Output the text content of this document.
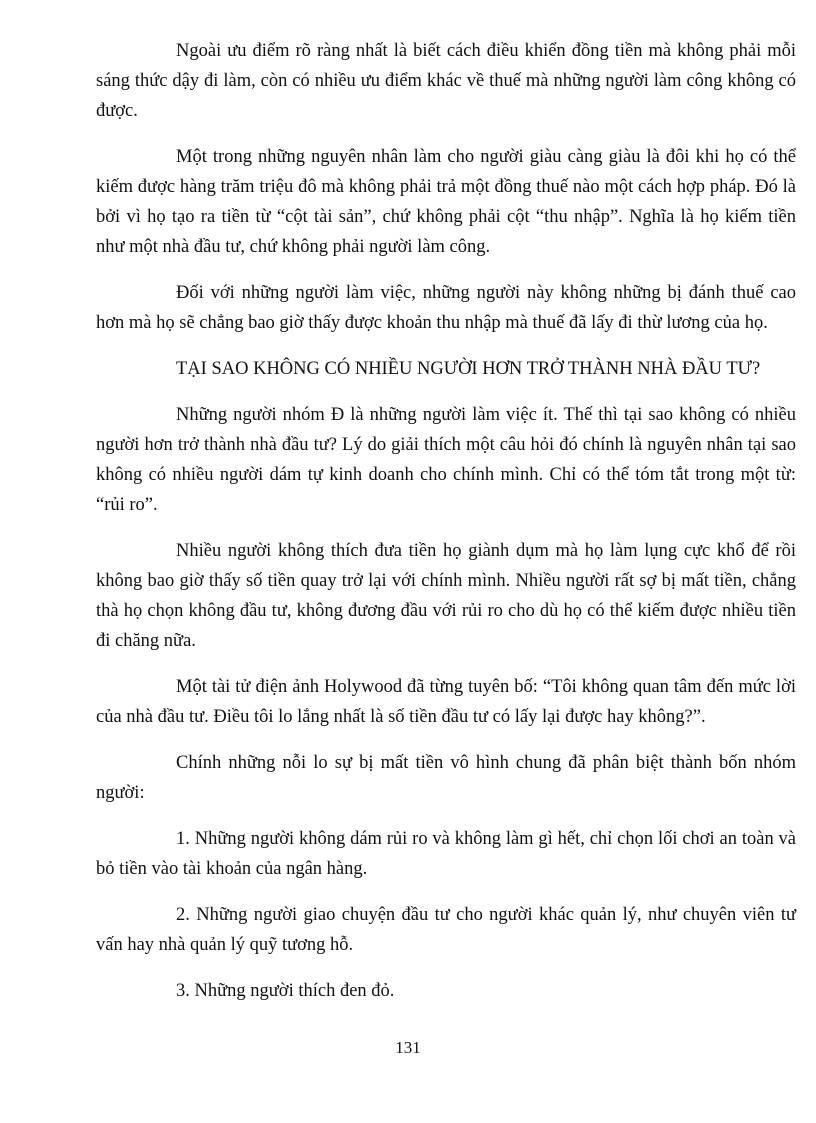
Ngoài ưu điểm rõ ràng nhất là biết cách điều khiển đồng tiền mà không phải mỗi sáng thức dậy đi làm, còn có nhiều ưu điểm khác về thuế mà những người làm công không có được.

Một trong những nguyên nhân làm cho người giàu càng giàu là đôi khi họ có thể kiếm được hàng trăm triệu đô mà không phải trả một đồng thuế nào một cách hợp pháp. Đó là bởi vì họ tạo ra tiền từ “cột tài sản”, chứ không phải cột “thu nhập”. Nghĩa là họ kiếm tiền như một nhà đầu tư, chứ không phải người làm công.

Đối với những người làm việc, những người này không những bị đánh thuế cao hơn mà họ sẽ chẳng bao giờ thấy được khoản thu nhập mà thuế đã lấy đi thừ lương của họ.

TẠI SAO KHÔNG CÓ NHIỀU NGƯỜI HƠN TRỞ THÀNH NHÀ ĐẦU TƯ?

Những người nhóm Đ là những người làm việc ít. Thế thì tại sao không có nhiều người hơn trở thành nhà đầu tư? Lý do giải thích một câu hỏi đó chính là nguyên nhân tại sao không có nhiều người dám tự kinh doanh cho chính mình. Chỉ có thể tóm tắt trong một từ: “rủi ro”.

Nhiều người không thích đưa tiền họ giành dụm mà họ làm lụng cực khổ để rồi không bao giờ thấy số tiền quay trở lại với chính mình. Nhiều người rất sợ bị mất tiền, chẳng thà họ chọn không đầu tư, không đương đầu với rủi ro cho dù họ có thể kiếm được nhiều tiền đi chăng nữa.

Một tài tử điện ảnh Holywood đã từng tuyên bố: “Tôi không quan tâm đến mức lời của nhà đầu tư. Điều tôi lo lắng nhất là số tiền đầu tư có lấy lại được hay không?”.

Chính những nỗi lo sự bị mất tiền vô hình chung đã phân biệt thành bốn nhóm người:

1. Những người không dám rủi ro và không làm gì hết, chỉ chọn lối chơi an toàn và bỏ tiền vào tài khoản của ngân hàng.

2. Những người giao chuyện đầu tư cho người khác quản lý, như chuyên viên tư vấn hay nhà quản lý quỹ tương hỗ.

3. Những người thích đen đỏ.

131
